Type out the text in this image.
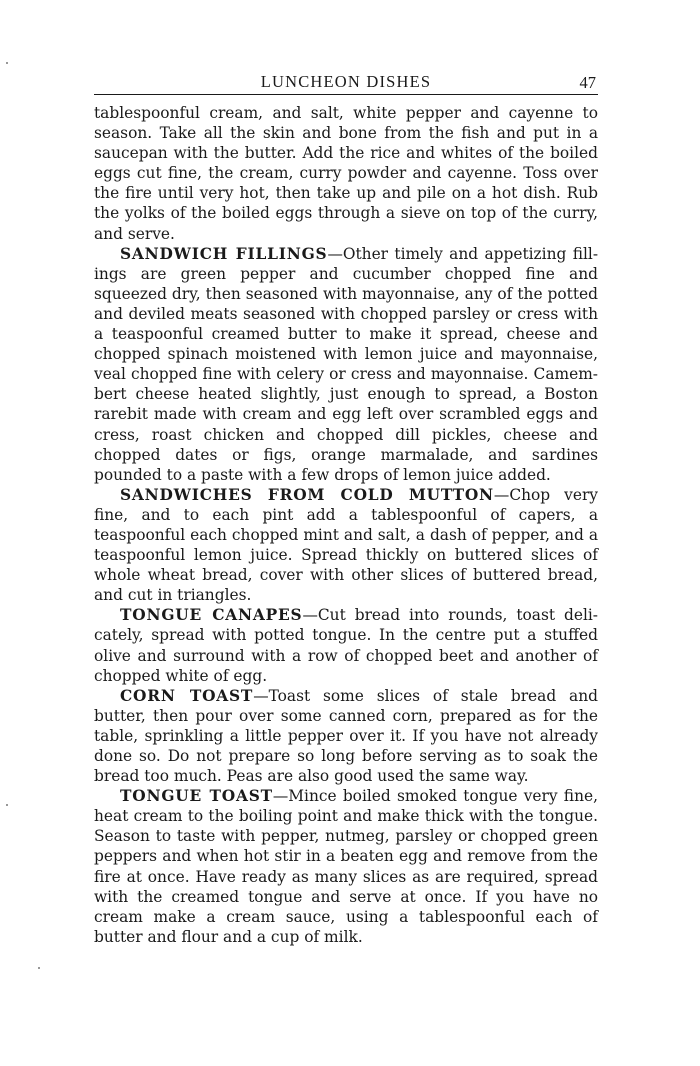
LUNCHEON DISHES	47

tablespoonful cream, and salt, white pepper and cayenne to season. Take all the skin and bone from the fish and put in a saucepan with the butter. Add the rice and whites of the boiled eggs cut fine, the cream, curry powder and cayenne. Toss over the fire until very hot, then take up and pile on a hot dish. Rub the yolks of the boiled eggs through a sieve on top of the curry, and serve.

SANDWICH FILLINGS—Other timely and appetizing fillings are green pepper and cucumber chopped fine and squeezed dry, then seasoned with mayonnaise, any of the potted and deviled meats seasoned with chopped parsley or cress with a teaspoonful creamed butter to make it spread, cheese and chopped spinach moistened with lemon juice and mayonnaise, veal chopped fine with celery or cress and mayonnaise. Camembert cheese heated slightly, just enough to spread, a Boston rarebit made with cream and egg left over scrambled eggs and cress, roast chicken and chopped dill pickles, cheese and chopped dates or figs, orange marmalade, and sardines pounded to a paste with a few drops of lemon juice added.

SANDWICHES FROM COLD MUTTON—Chop very fine, and to each pint add a tablespoonful of capers, a teaspoonful each chopped mint and salt, a dash of pepper, and a teaspoonful lemon juice. Spread thickly on buttered slices of whole wheat bread, cover with other slices of buttered bread, and cut in triangles.

TONGUE CANAPES—Cut bread into rounds, toast delicately, spread with potted tongue. In the centre put a stuffed olive and surround with a row of chopped beet and another of chopped white of egg.

CORN TOAST—Toast some slices of stale bread and butter, then pour over some canned corn, prepared as for the table, sprinkling a little pepper over it. If you have not already done so. Do not prepare so long before serving as to soak the bread too much. Peas are also good used the same way.

TONGUE TOAST—Mince boiled smoked tongue very fine, heat cream to the boiling point and make thick with the tongue. Season to taste with pepper, nutmeg, parsley or chopped green peppers and when hot stir in a beaten egg and remove from the fire at once. Have ready as many slices as are required, spread with the creamed tongue and serve at once. If you have no cream make a cream sauce, using a tablespoonful each of butter and flour and a cup of milk.
